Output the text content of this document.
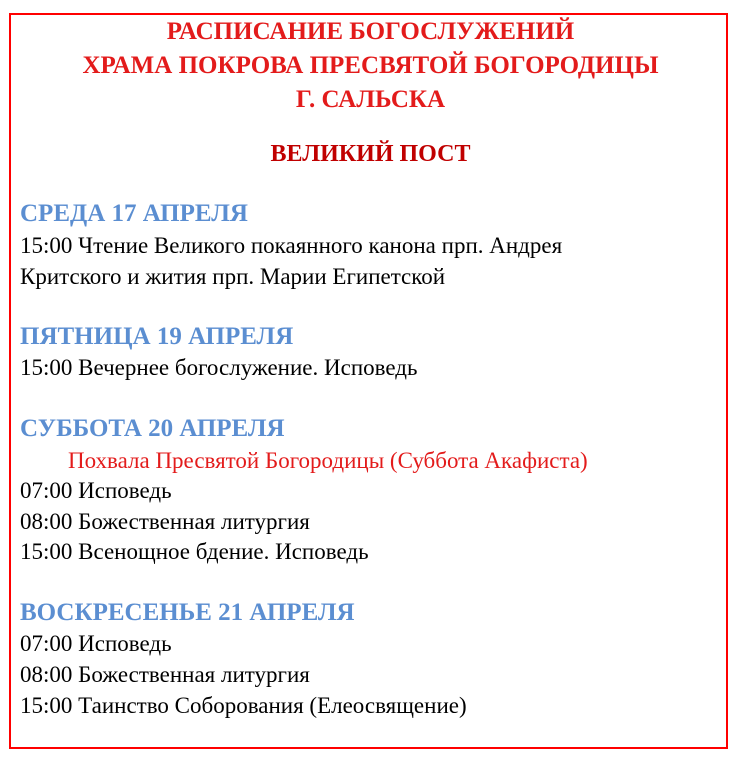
РАСПИСАНИЕ БОГОСЛУЖЕНИЙ
ХРАМА ПОКРОВА ПРЕСВЯТОЙ БОГОРОДИЦЫ
Г. САЛЬСКА
ВЕЛИКИЙ ПОСТ
СРЕДА 17 АПРЕЛЯ
15:00 Чтение Великого покаянного канона прп. Андрея
Критского и жития прп. Марии Египетской
ПЯТНИЦА 19 АПРЕЛЯ
15:00 Вечернее богослужение. Исповедь
СУББОТА 20 АПРЕЛЯ
Похвала Пресвятой Богородицы (Суббота Акафиста)
07:00 Исповедь
08:00 Божественная литургия
15:00 Всенощное бдение. Исповедь
ВОСКРЕСЕНЬЕ 21 АПРЕЛЯ
07:00 Исповедь
08:00 Божественная литургия
15:00 Таинство Соборования (Елеосвящение)
